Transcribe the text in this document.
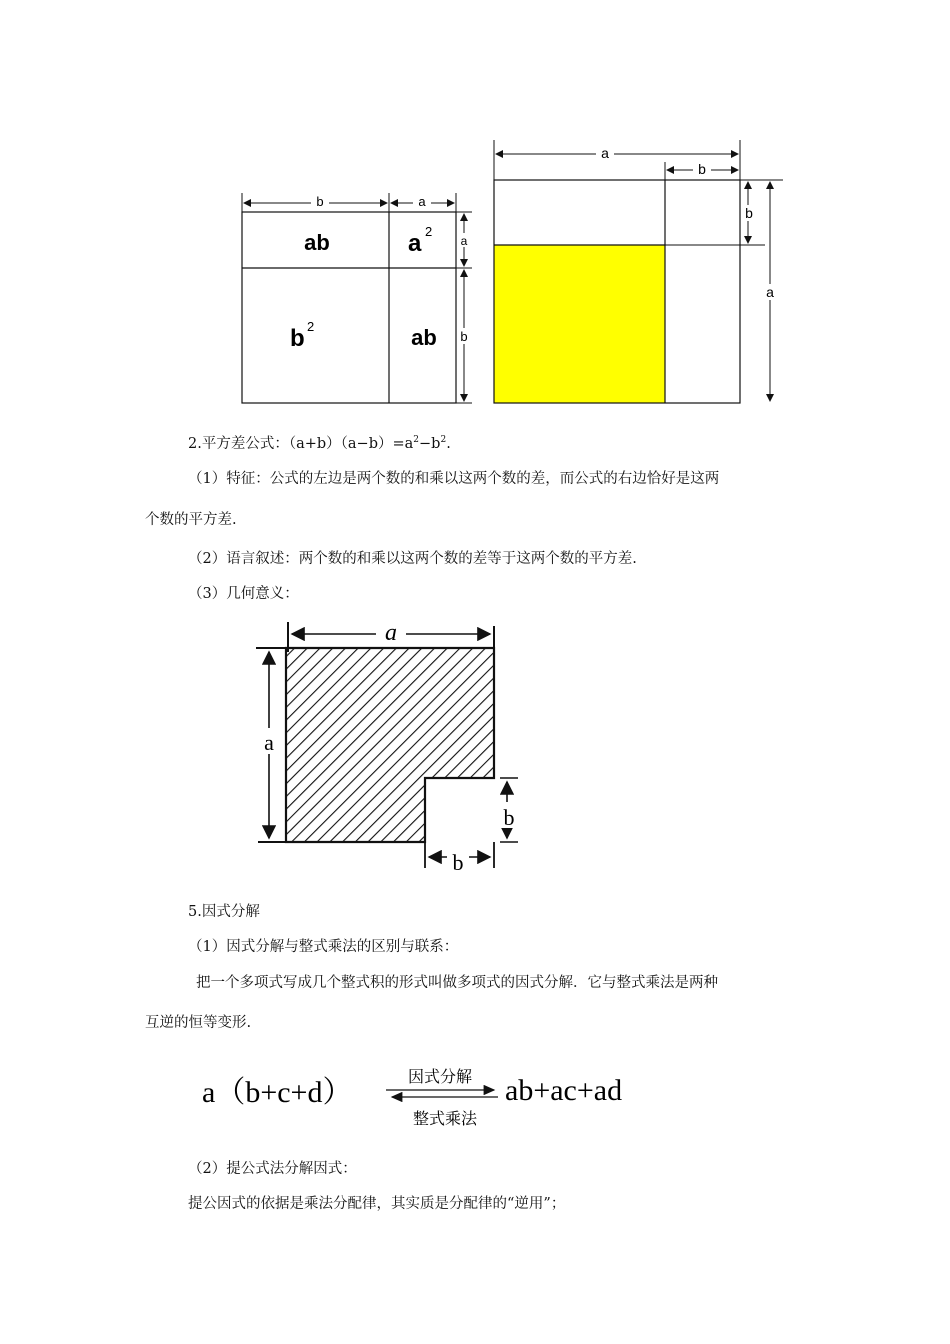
b	a
a
b
ab	a 2
b 2	ab
a
b
b
a
2.平方差公式：$(a+b)(a-b)=a^2-b^2$.
（1）特征：公式的左边是两个数的和乘以这两个数的差，而公式的右边恰好是这两
个数的平方差.
（2）语言叙述：两个数的和乘以这两个数的差等于这两个数的平方差.
（3）几何意义：
a
a
b
b
5.因式分解
（1）因式分解与整式乘法的区别与联系：
把一个多项式写成几个整式积的形式叫做多项式的因式分解．它与整式乘法是两种
互逆的恒等变形.
a（b+c+d）	因式分解
整式乘法
ab+ac+ad
（2）提公式法分解因式：
提公因式的依据是乘法分配律，其实质是分配律的“逆用”；
